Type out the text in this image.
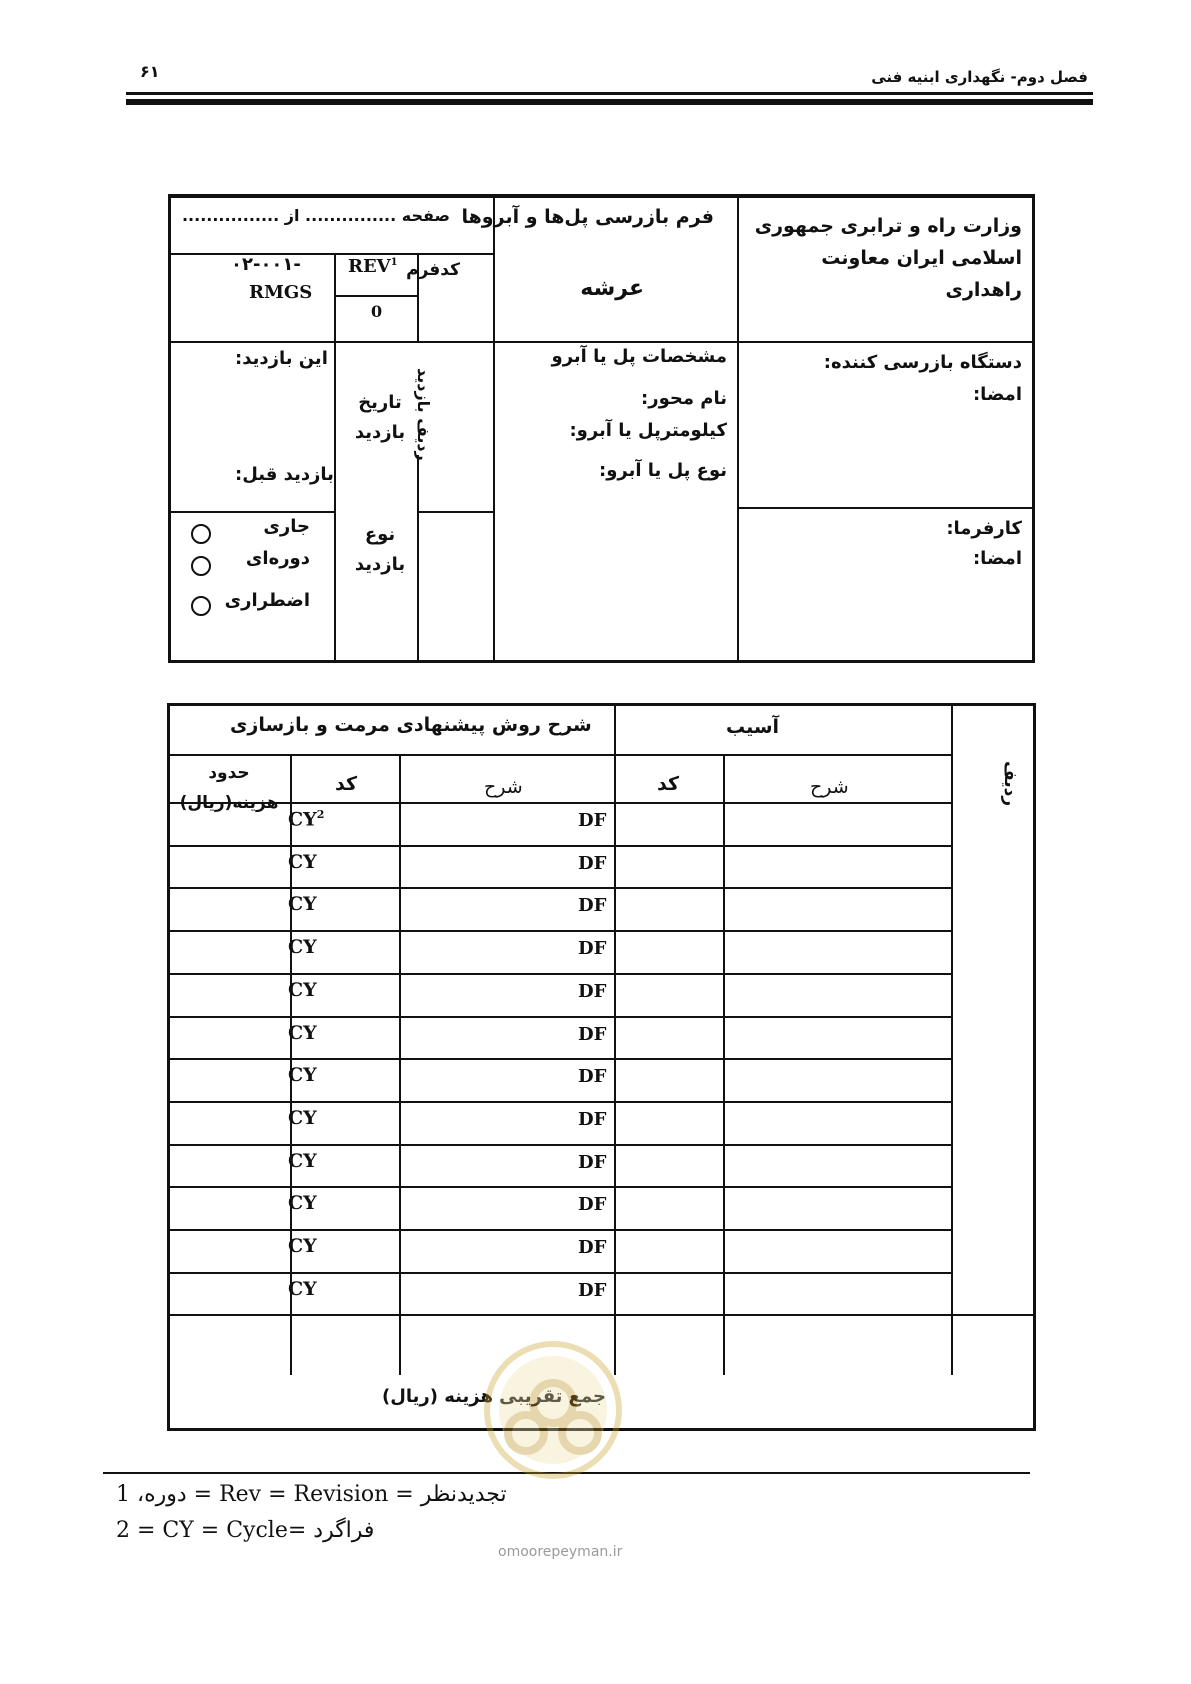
فصل دوم- نگهداری ابنیه فنی
۶۱
وزارت راه و ترابری جمهوری اسلامی ایران معاونت راهداری
فرم بازرسی پل‌ها و آبروها
عرشه
صفحه ............... از ................
کدفرم
REV$^1$
0
-۰۲-۰۰۱
RMGS
دستگاه بازرسی کننده:
امضا:
کارفرما:
امضا:
مشخصات پل یا آبرو
نام محور:
کیلومترپل یا آبرو:
نوع پل یا آبرو:
ردیف بازدید
تاریخ بازدید
این بازدید:
بازدید قبل:
نوع بازدید
جاری
دوره‌ای
اضطراری
ردیف
آسیب
شرح روش پیشنهادی مرمت و بازسازی
شرح
کد
شرح
کد
حدود هزینه(ریال)
DF
$CY^2$
DF
CY
DF
CY
DF
CY
DF
CY
DF
CY
DF
CY
DF
CY
DF
CY
DF
CY
DF
CY
DF
CY
جمع تقریبی هزینه (ریال)
دوره، 1 = Rev = Revision = تجدیدنظر
2 = CY = Cycle= فراگرد
omoorepeyman.ir
